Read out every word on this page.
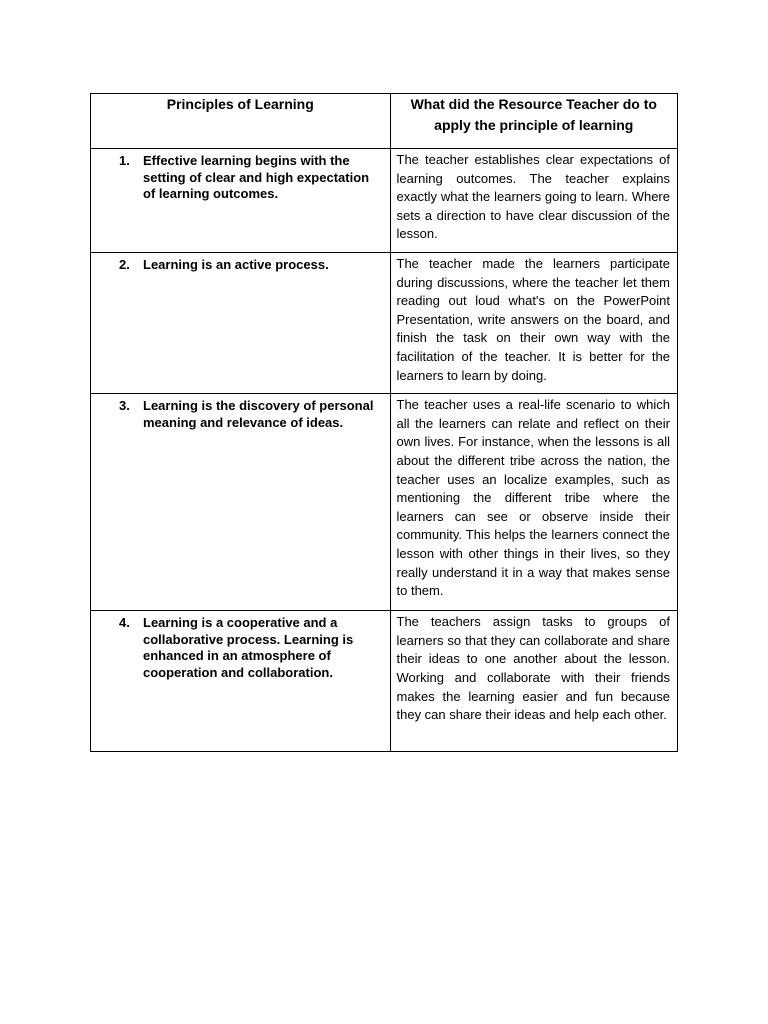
Principles of Learning	What did the Resource Teacher do to apply the principle of learning

1. Effective learning begins with the setting of clear and high expectation of learning outcomes.	The teacher establishes clear expectations of learning outcomes. The teacher explains exactly what the learners going to learn. Where sets a direction to have clear discussion of the lesson.

2. Learning is an active process.	The teacher made the learners participate during discussions, where the teacher let them reading out loud what's on the PowerPoint Presentation, write answers on the board, and finish the task on their own way with the facilitation of the teacher. It is better for the learners to learn by doing.

3. Learning is the discovery of personal meaning and relevance of ideas.	The teacher uses a real-life scenario to which all the learners can relate and reflect on their own lives. For instance, when the lessons is all about the different tribe across the nation, the teacher uses an localize examples, such as mentioning the different tribe where the learners can see or observe inside their community. This helps the learners connect the lesson with other things in their lives, so they really understand it in a way that makes sense to them.

4. Learning is a cooperative and a collaborative process. Learning is enhanced in an atmosphere of cooperation and collaboration.	The teachers assign tasks to groups of learners so that they can collaborate and share their ideas to one another about the lesson. Working and collaborate with their friends makes the learning easier and fun because they can share their ideas and help each other.
